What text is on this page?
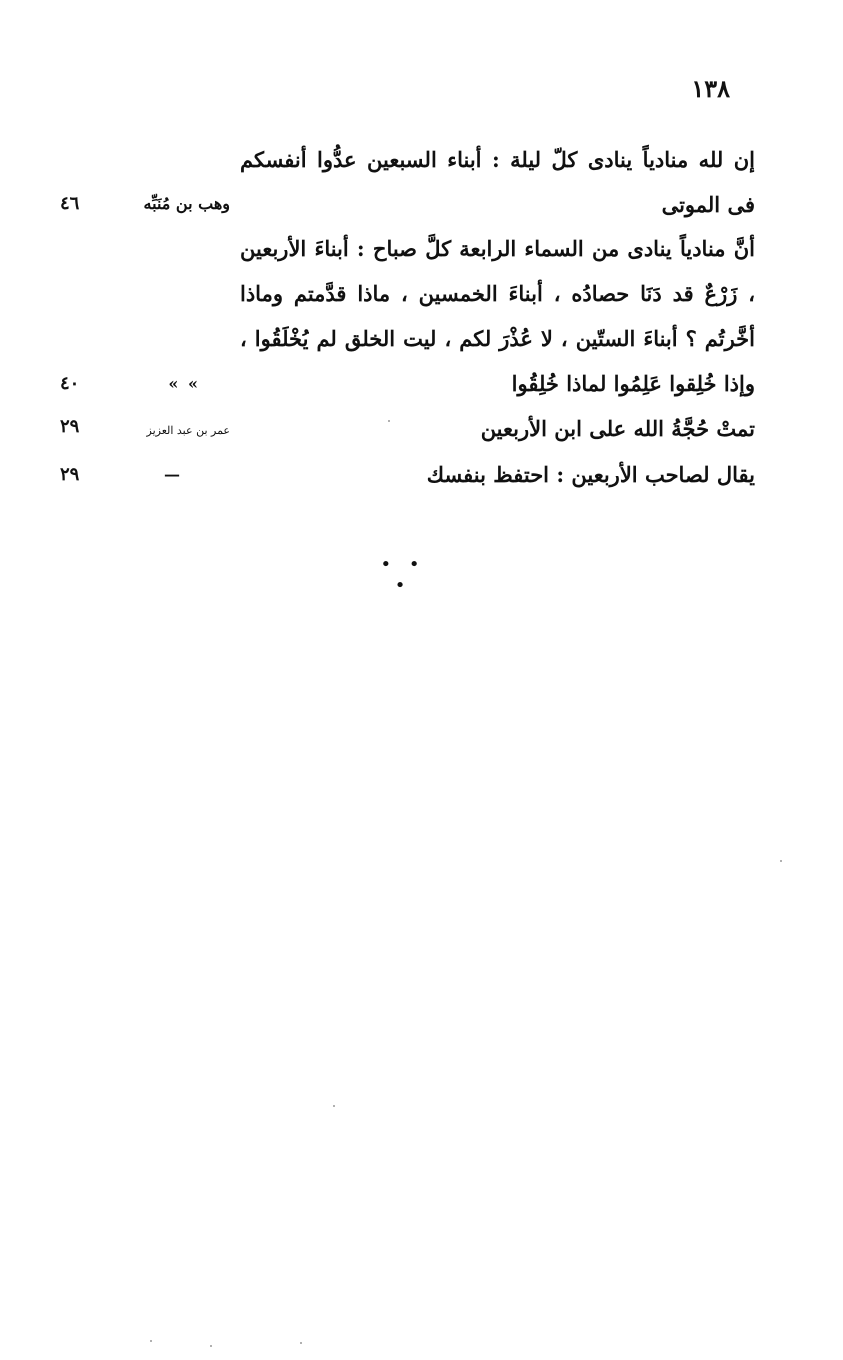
١٣٨
إن لله منادياً ينادى كلّ ليلة : أبناء السبعين عدُّوا أنفسكم فى الموتى
وهب بن مُنَبِّه
٤٦
أنَّ منادياً ينادى من السماء الرابعة كلَّ صباح : أبناءَ الأربعين ، زَرْعٌ قد دَنَا حصادُه ، أبناءَ الخمسين ، ماذا قدَّمتم وماذا أخَّرتُم ؟ أبناءَ الستّين ، لا عُذْرَ لكم ، ليت الخلق لم يُخْلَقُوا ، وإذا خُلِقوا عَلِمُوا لماذا خُلِقُوا
» »
٤٠
تمتْ حُجَّةُ الله على ابن الأربعين
عمر بن عبد العزيز
٢٩
يقال لصاحب الأربعين : احتفظ بنفسك
—
٢٩
• • •
